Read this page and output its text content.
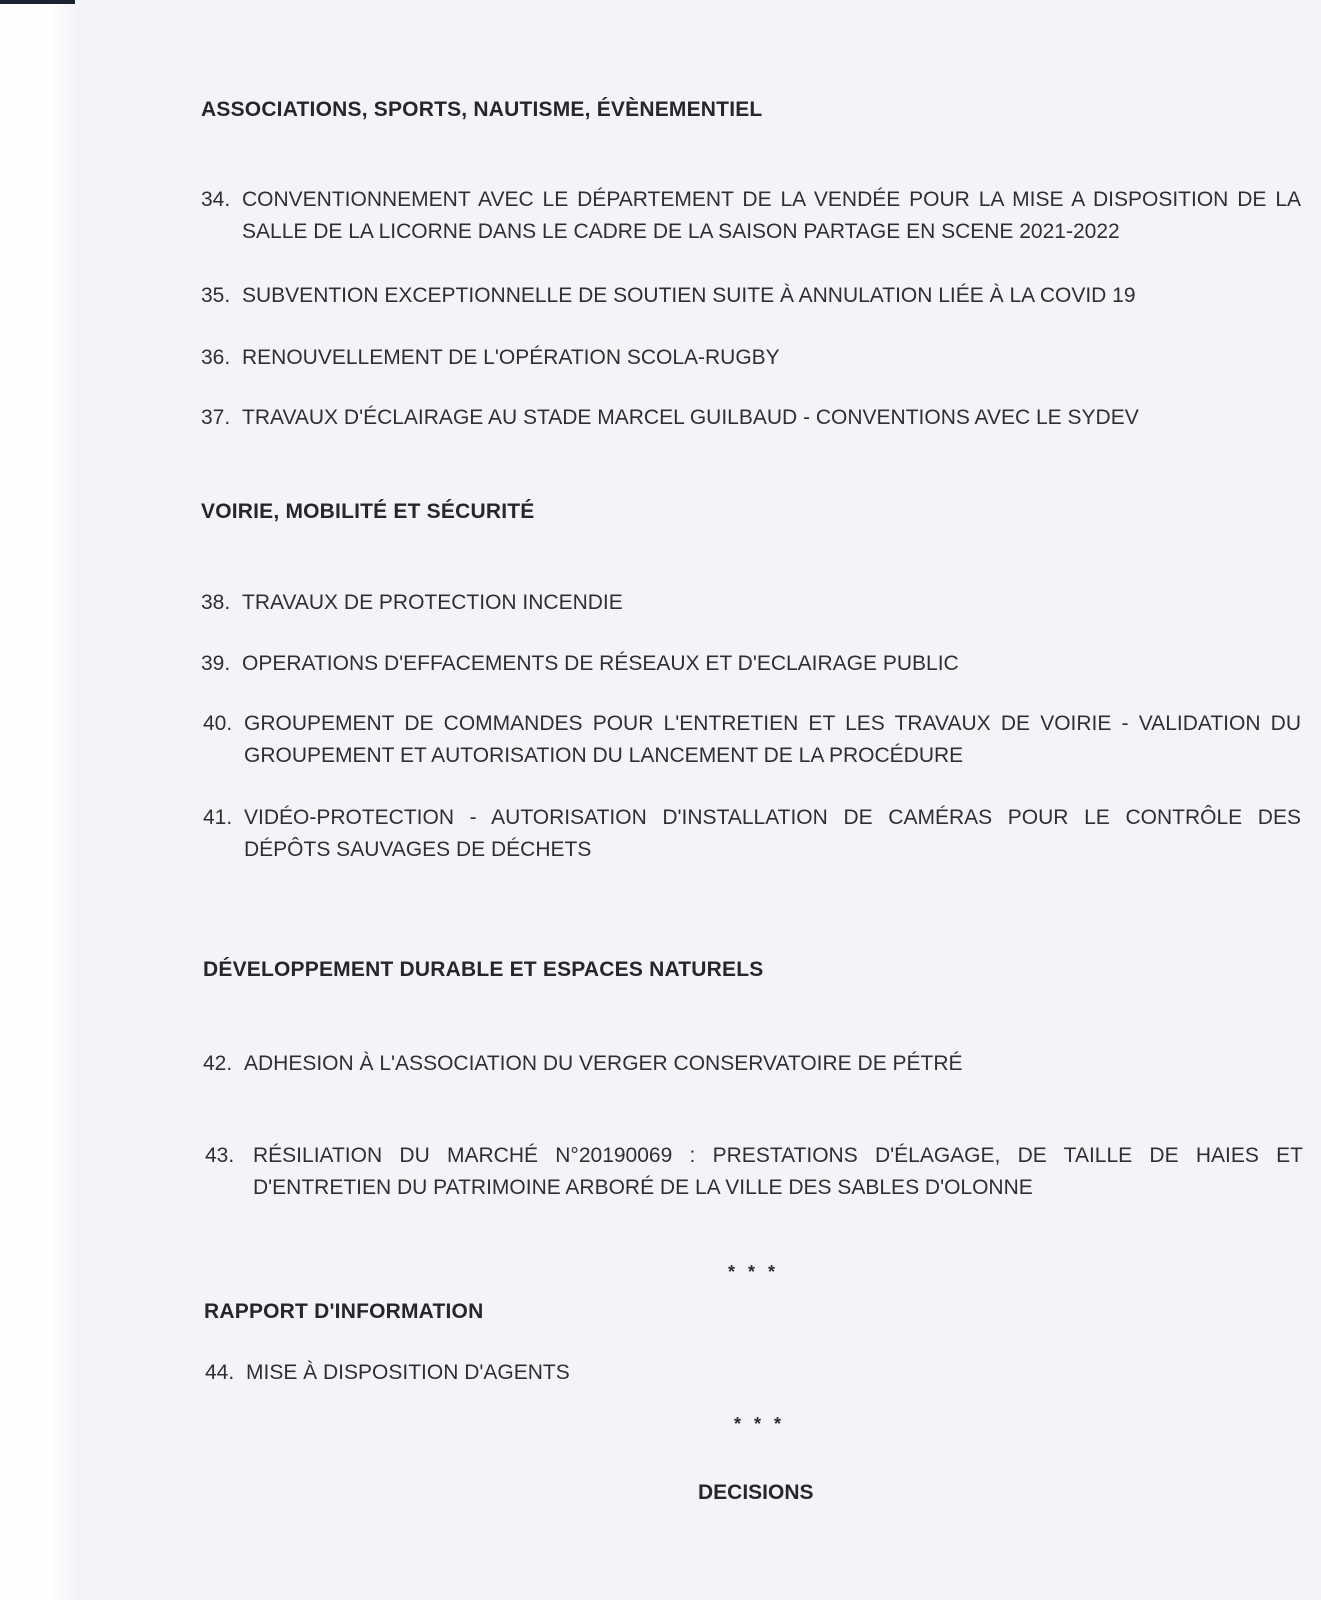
ASSOCIATIONS, SPORTS, NAUTISME, ÉVÈNEMENTIEL
34. CONVENTIONNEMENT AVEC LE DÉPARTEMENT DE LA VENDÉE POUR LA MISE A DISPOSITION DE LA SALLE DE LA LICORNE DANS LE CADRE DE LA SAISON PARTAGE EN SCENE 2021-2022
35. SUBVENTION EXCEPTIONNELLE DE SOUTIEN SUITE À ANNULATION LIÉE À LA COVID 19
36. RENOUVELLEMENT DE L'OPÉRATION SCOLA-RUGBY
37. TRAVAUX D'ÉCLAIRAGE AU STADE MARCEL GUILBAUD - CONVENTIONS AVEC LE SYDEV
VOIRIE, MOBILITÉ ET SÉCURITÉ
38. TRAVAUX DE PROTECTION INCENDIE
39. OPERATIONS D'EFFACEMENTS DE RÉSEAUX ET D'ECLAIRAGE PUBLIC
40. GROUPEMENT DE COMMANDES POUR L'ENTRETIEN ET LES TRAVAUX DE VOIRIE - VALIDATION DU GROUPEMENT ET AUTORISATION DU LANCEMENT DE LA PROCÉDURE
41. VIDÉO-PROTECTION - AUTORISATION D'INSTALLATION DE CAMÉRAS POUR LE CONTRÔLE DES DÉPÔTS SAUVAGES DE DÉCHETS
DÉVELOPPEMENT DURABLE ET ESPACES NATURELS
42. ADHESION À L'ASSOCIATION DU VERGER CONSERVATOIRE DE PÉTRÉ
43. RÉSILIATION DU MARCHÉ N°20190069 : PRESTATIONS D'ÉLAGAGE, DE TAILLE DE HAIES ET D'ENTRETIEN DU PATRIMOINE ARBORÉ DE LA VILLE DES SABLES D'OLONNE
* * *
RAPPORT D'INFORMATION
44. MISE À DISPOSITION D'AGENTS
* * *
DECISIONS
